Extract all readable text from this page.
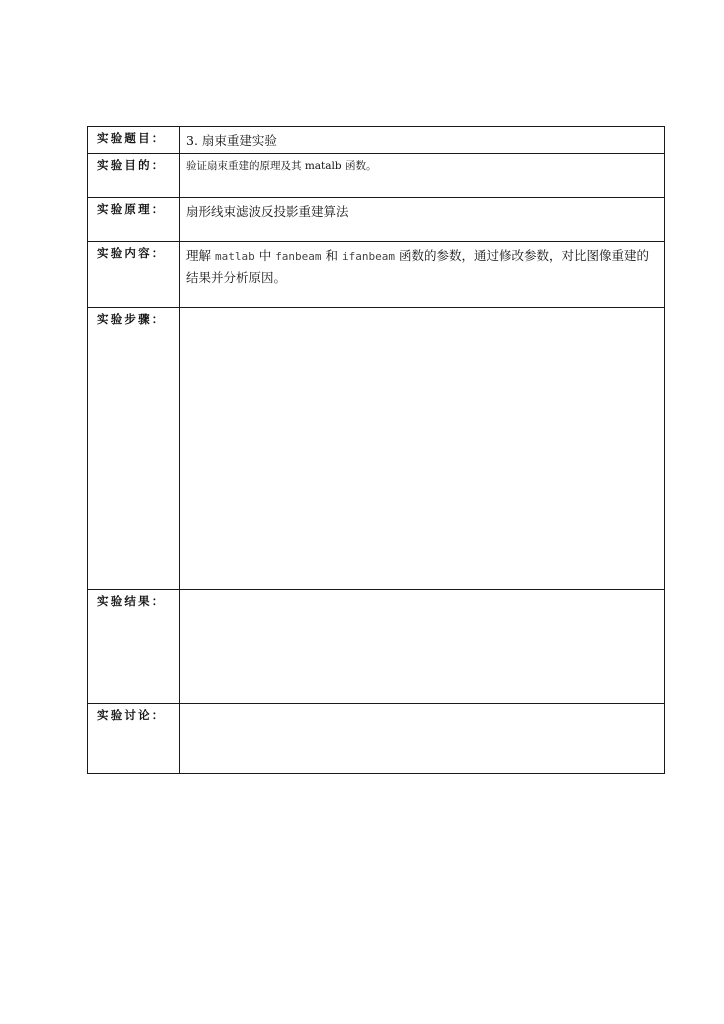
实验题目：	3. 扇束重建实验
实验目的：	验证扇束重建的原理及其 matalb 函数。
实验原理：	扇形线束滤波反投影重建算法
实验内容：	理解 matlab 中 fanbeam 和 ifanbeam 函数的参数，通过修改参数，对比图像重建的结果并分析原因。
实验步骤：	
实验结果：	
实验讨论：	
